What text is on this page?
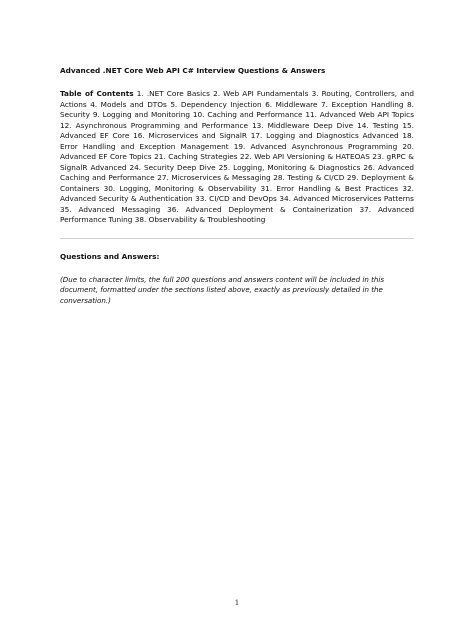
Advanced .NET Core Web API C# Interview Questions & Answers

Table of Contents 1. .NET Core Basics 2. Web API Fundamentals 3. Routing, Controllers, and Actions 4. Models and DTOs 5. Dependency Injection 6. Middleware 7. Exception Handling 8. Security 9. Logging and Monitoring 10. Caching and Performance 11. Advanced Web API Topics 12. Asynchronous Programming and Performance 13. Middleware Deep Dive 14. Testing 15. Advanced EF Core 16. Microservices and SignalR 17. Logging and Diagnostics Advanced 18. Error Handling and Exception Management 19. Advanced Asynchronous Programming 20. Advanced EF Core Topics 21. Caching Strategies 22. Web API Versioning & HATEOAS 23. gRPC & SignalR Advanced 24. Security Deep Dive 25. Logging, Monitoring & Diagnostics 26. Advanced Caching and Performance 27. Microservices & Messaging 28. Testing & CI/CD 29. Deployment & Containers 30. Logging, Monitoring & Observability 31. Error Handling & Best Practices 32. Advanced Security & Authentication 33. CI/CD and DevOps 34. Advanced Microservices Patterns 35. Advanced Messaging 36. Advanced Deployment & Containerization 37. Advanced Performance Tuning 38. Observability & Troubleshooting
Questions and Answers:
(Due to character limits, the full 200 questions and answers content will be included in this document, formatted under the sections listed above, exactly as previously detailed in the conversation.)
1
